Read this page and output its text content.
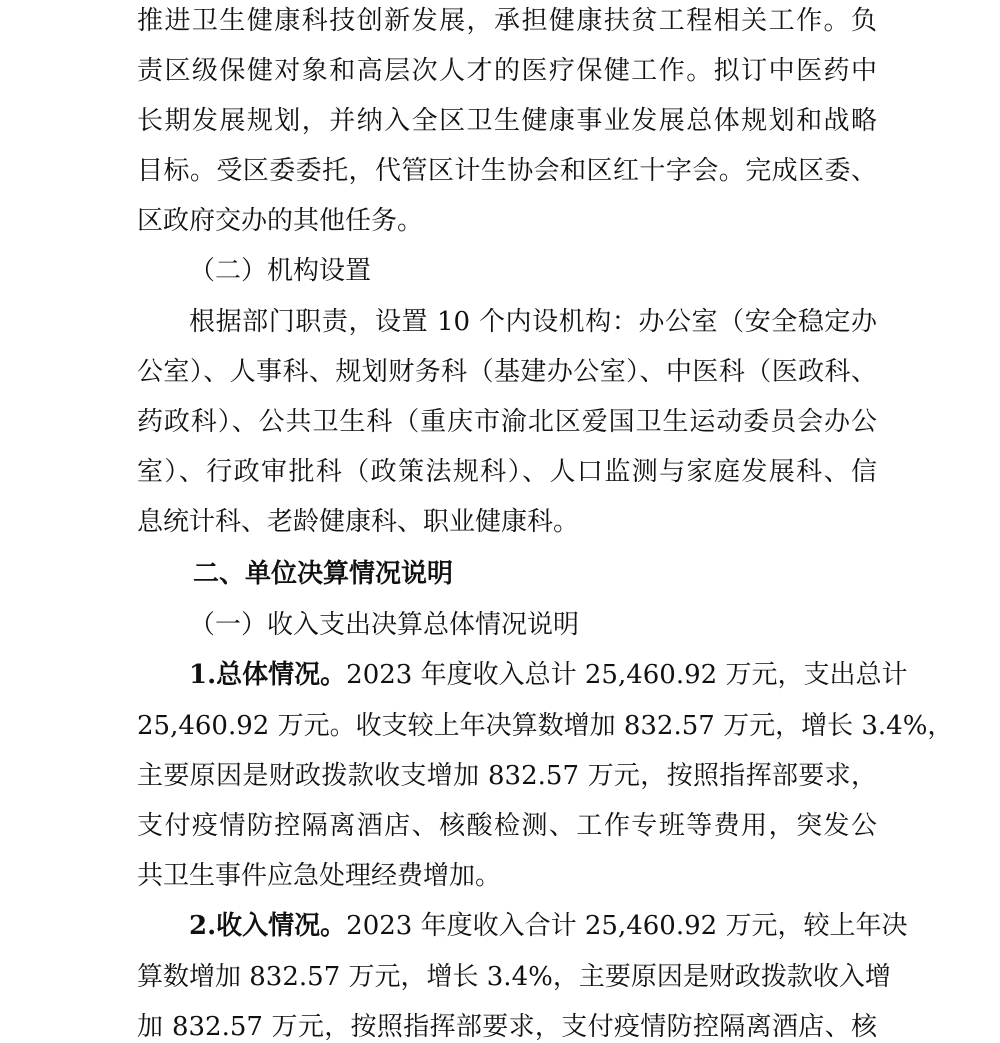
推进卫生健康科技创新发展，承担健康扶贫工程相关工作。负

责区级保健对象和高层次人才的医疗保健工作。拟订中医药中

长期发展规划，并纳入全区卫生健康事业发展总体规划和战略

目标。受区委委托，代管区计生协会和区红十字会。完成区委、

区政府交办的其他任务。

（二）机构设置

根据部门职责，设置 10 个内设机构：办公室（安全稳定办

公室）、人事科、规划财务科（基建办公室）、中医科（医政科、

药政科）、公共卫生科（重庆市渝北区爱国卫生运动委员会办公

室）、行政审批科（政策法规科）、人口监测与家庭发展科、信

息统计科、老龄健康科、职业健康科。

二、单位决算情况说明

（一）收入支出决算总体情况说明

1.总体情况。2023 年度收入总计 25,460.92 万元，支出总计

25,460.92 万元。收支较上年决算数增加 832.57 万元，增长 3.4%，

主要原因是财政拨款收支增加 832.57 万元，按照指挥部要求，

支付疫情防控隔离酒店、核酸检测、工作专班等费用，突发公

共卫生事件应急处理经费增加。

2.收入情况。2023 年度收入合计 25,460.92 万元，较上年决

算数增加 832.57 万元，增长 3.4%，主要原因是财政拨款收入增

加 832.57 万元，按照指挥部要求，支付疫情防控隔离酒店、核
